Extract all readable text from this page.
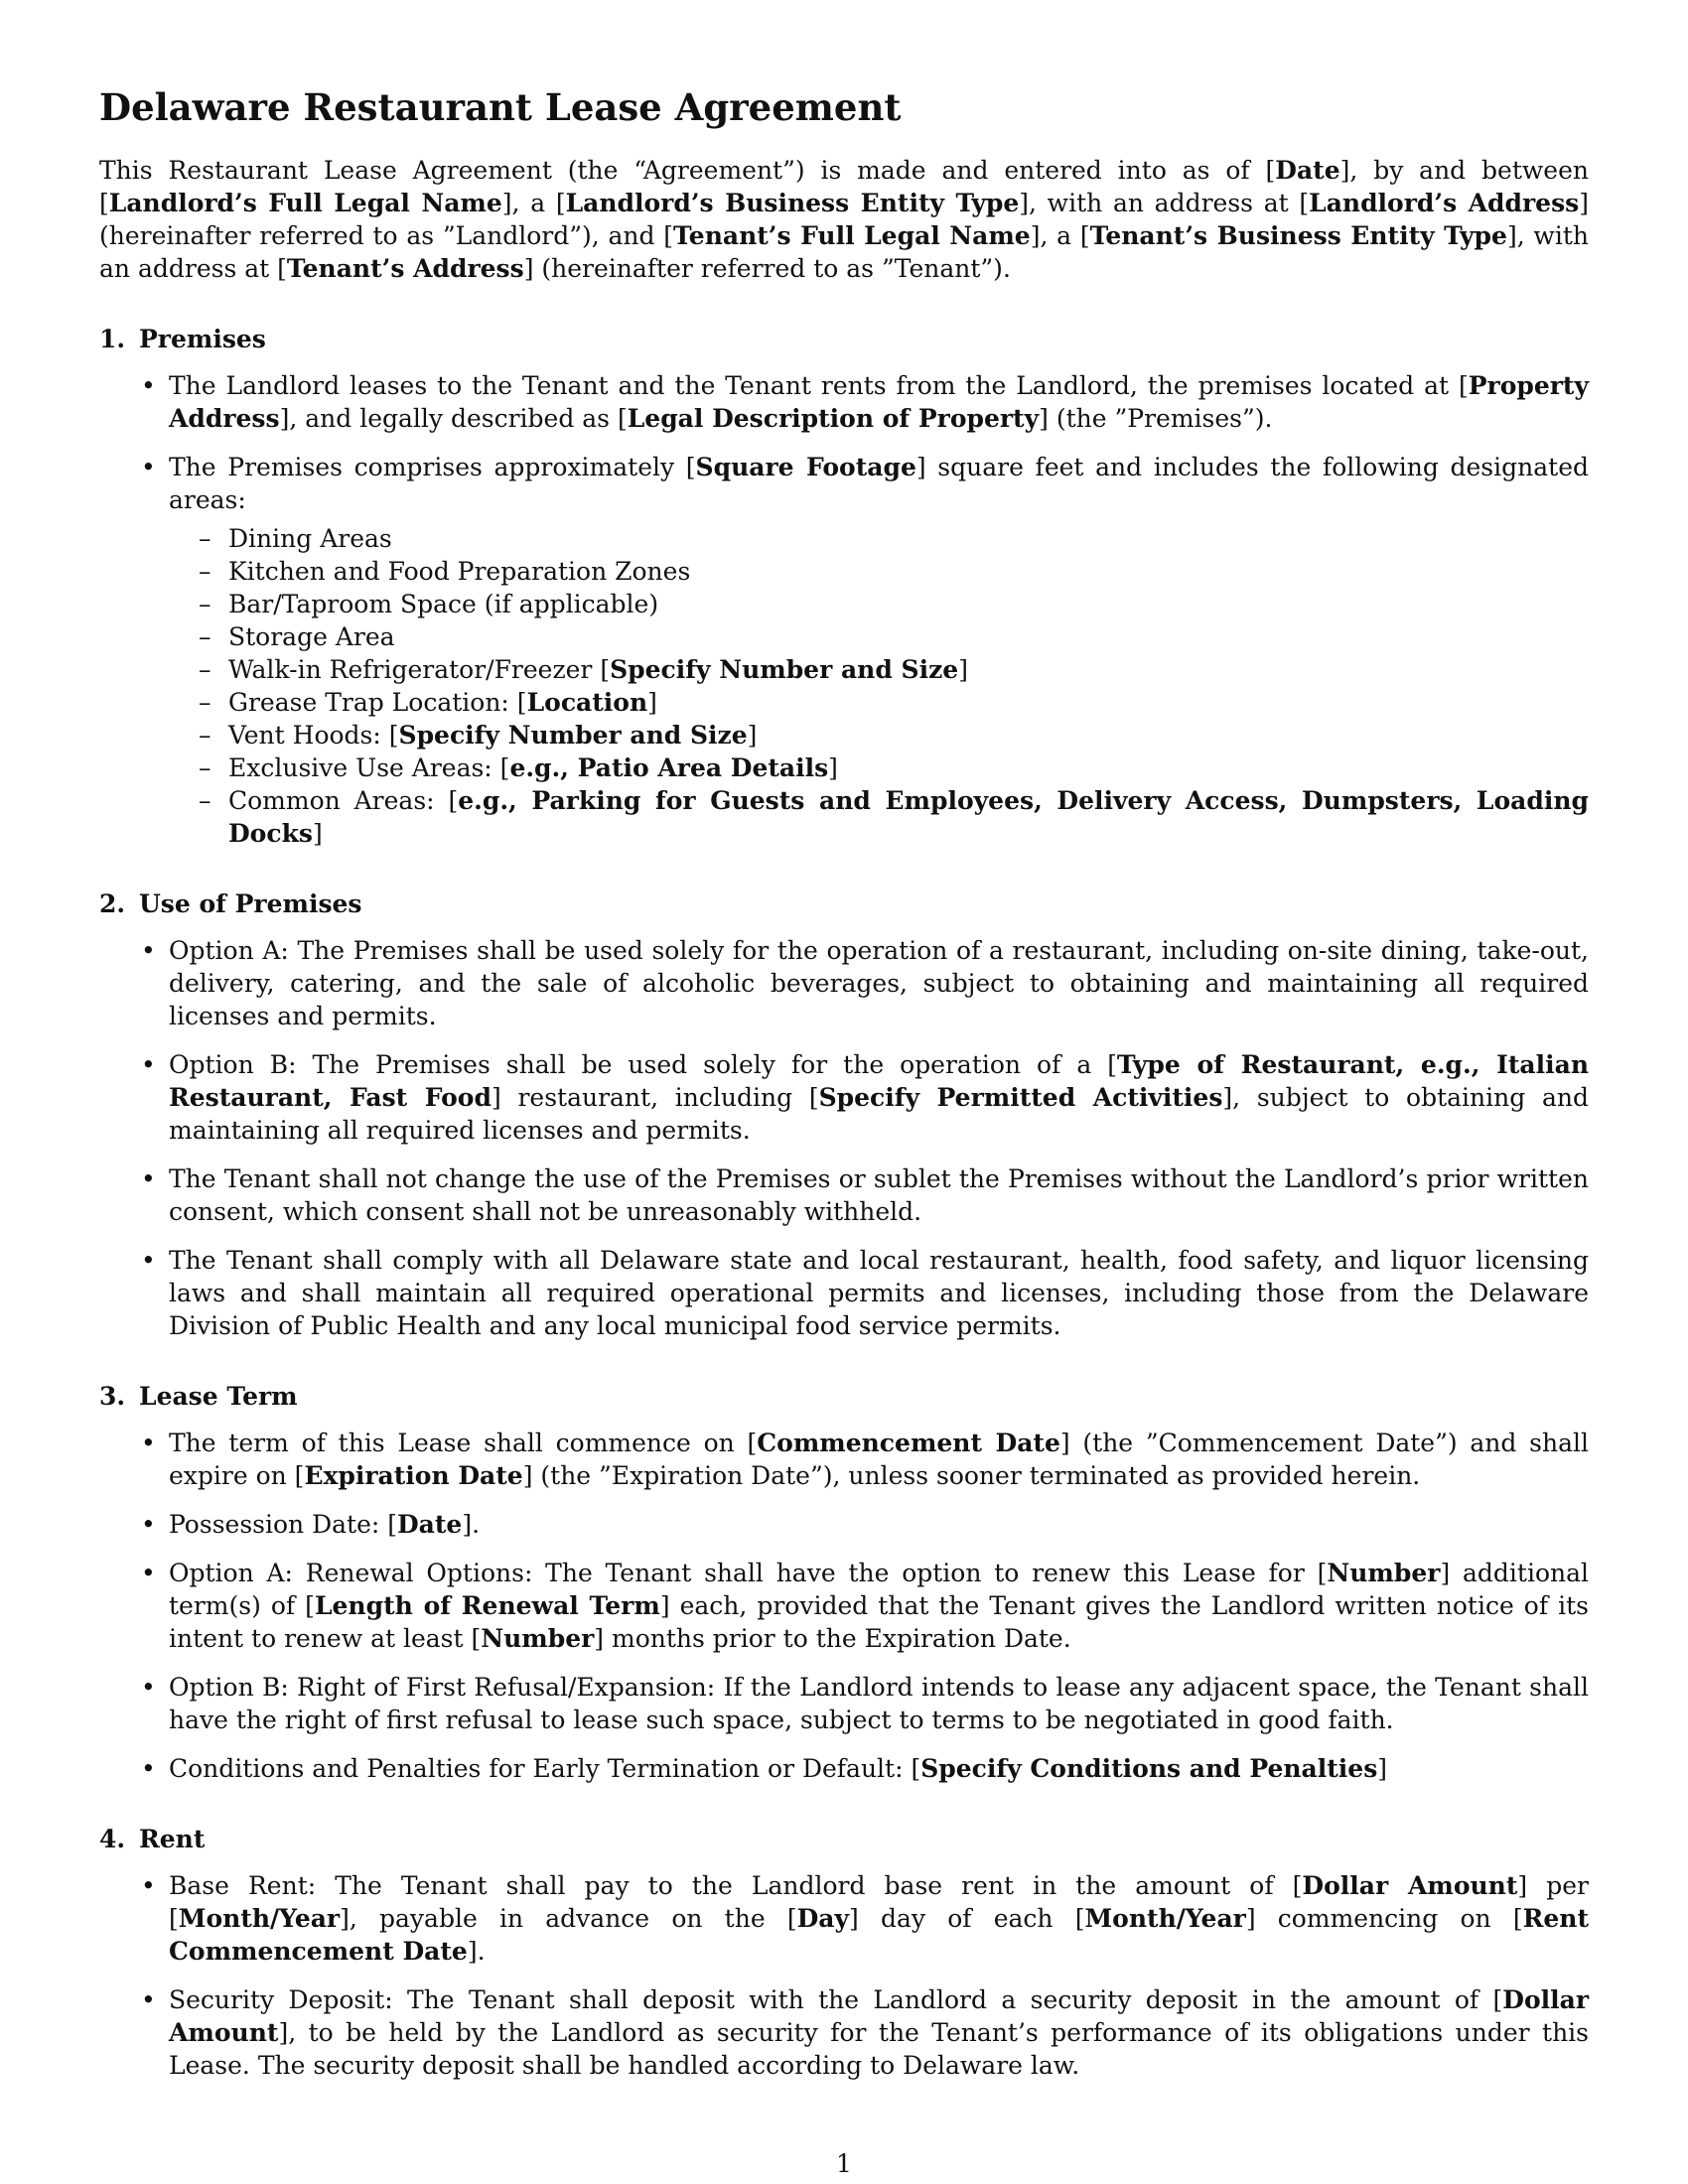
Delaware Restaurant Lease Agreement

This Restaurant Lease Agreement (the “Agreement”) is made and entered into as of [Date], by and between [Landlord’s Full Legal Name], a [Landlord’s Business Entity Type], with an address at [Landlord’s Address] (hereinafter referred to as ”Landlord”), and [Tenant’s Full Legal Name], a [Tenant’s Business Entity Type], with an address at [Tenant’s Address] (hereinafter referred to as ”Tenant”).

1. Premises
• The Landlord leases to the Tenant and the Tenant rents from the Landlord, the premises located at [Property Address], and legally described as [Legal Description of Property] (the ”Premises”).
• The Premises comprises approximately [Square Footage] square feet and includes the following designated areas:
– Dining Areas
– Kitchen and Food Preparation Zones
– Bar/Taproom Space (if applicable)
– Storage Area
– Walk-in Refrigerator/Freezer [Specify Number and Size]
– Grease Trap Location: [Location]
– Vent Hoods: [Specify Number and Size]
– Exclusive Use Areas: [e.g., Patio Area Details]
– Common Areas: [e.g., Parking for Guests and Employees, Delivery Access, Dumpsters, Loading Docks]
2. Use of Premises
• Option A: The Premises shall be used solely for the operation of a restaurant, including on-site dining, take-out, delivery, catering, and the sale of alcoholic beverages, subject to obtaining and maintaining all required licenses and permits.
• Option B: The Premises shall be used solely for the operation of a [Type of Restaurant, e.g., Italian Restaurant, Fast Food] restaurant, including [Specify Permitted Activities], subject to obtaining and maintaining all required licenses and permits.
• The Tenant shall not change the use of the Premises or sublet the Premises without the Landlord’s prior written consent, which consent shall not be unreasonably withheld.
• The Tenant shall comply with all Delaware state and local restaurant, health, food safety, and liquor licensing laws and shall maintain all required operational permits and licenses, including those from the Delaware Division of Public Health and any local municipal food service permits.
3. Lease Term
• The term of this Lease shall commence on [Commencement Date] (the ”Commencement Date”) and shall expire on [Expiration Date] (the ”Expiration Date”), unless sooner terminated as provided herein.
• Possession Date: [Date].
• Option A: Renewal Options: The Tenant shall have the option to renew this Lease for [Number] additional term(s) of [Length of Renewal Term] each, provided that the Tenant gives the Landlord written notice of its intent to renew at least [Number] months prior to the Expiration Date.
• Option B: Right of First Refusal/Expansion: If the Landlord intends to lease any adjacent space, the Tenant shall have the right of first refusal to lease such space, subject to terms to be negotiated in good faith.
• Conditions and Penalties for Early Termination or Default: [Specify Conditions and Penalties]
4. Rent
• Base Rent: The Tenant shall pay to the Landlord base rent in the amount of [Dollar Amount] per [Month/Year], payable in advance on the [Day] day of each [Month/Year] commencing on [Rent Commencement Date].
• Security Deposit: The Tenant shall deposit with the Landlord a security deposit in the amount of [Dollar Amount], to be held by the Landlord as security for the Tenant’s performance of its obligations under this Lease. The security deposit shall be handled according to Delaware law.
1
